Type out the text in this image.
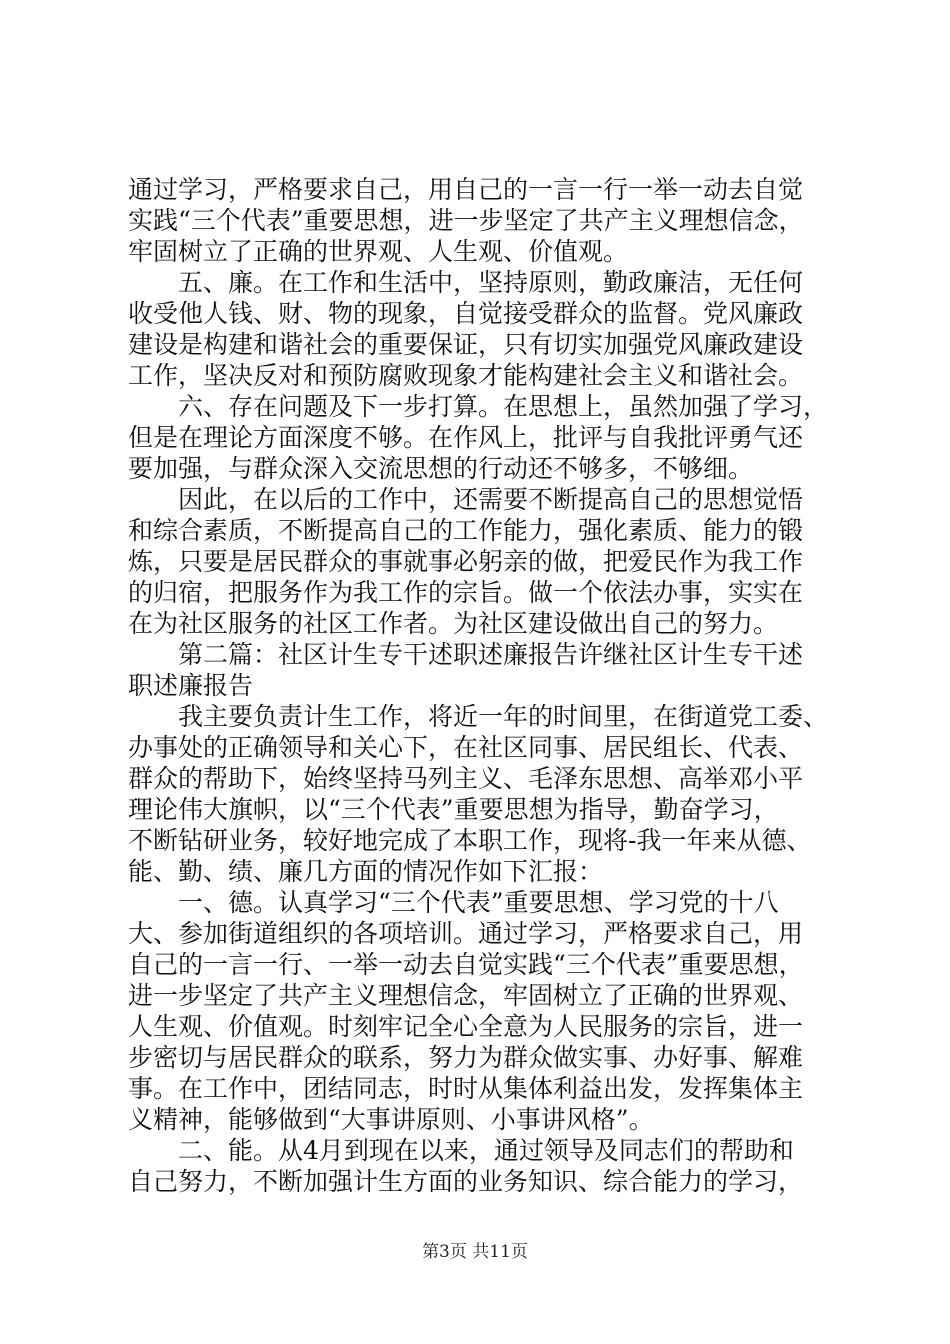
通过学习，严格要求自己，用自己的一言一行一举一动去自觉
实践“三个代表”重要思想，进一步坚定了共产主义理想信念，
牢固树立了正确的世界观、人生观、价值观。
　　五、廉。在工作和生活中，坚持原则，勤政廉洁，无任何
收受他人钱、财、物的现象，自觉接受群众的监督。党风廉政
建设是构建和谐社会的重要保证，只有切实加强党风廉政建设
工作，坚决反对和预防腐败现象才能构建社会主义和谐社会。
　　六、存在问题及下一步打算。在思想上，虽然加强了学习，
但是在理论方面深度不够。在作风上，批评与自我批评勇气还
要加强，与群众深入交流思想的行动还不够多，不够细。
　　因此，在以后的工作中，还需要不断提高自己的思想觉悟
和综合素质，不断提高自己的工作能力，强化素质、能力的锻
炼，只要是居民群众的事就事必躬亲的做，把爱民作为我工作
的归宿，把服务作为我工作的宗旨。做一个依法办事，实实在
在为社区服务的社区工作者。为社区建设做出自己的努力。
　　第二篇：社区计生专干述职述廉报告许继社区计生专干述
职述廉报告
　　我主要负责计生工作，将近一年的时间里，在街道党工委、
办事处的正确领导和关心下，在社区同事、居民组长、代表、
群众的帮助下，始终坚持马列主义、毛泽东思想、高举邓小平
理论伟大旗帜，以“三个代表”重要思想为指导，勤奋学习，
不断钻研业务，较好地完成了本职工作，现将-我一年来从德、
能、勤、绩、廉几方面的情况作如下汇报：
　　一、德。认真学习“三个代表”重要思想、学习党的十八
大、参加街道组织的各项培训。通过学习，严格要求自己，用
自己的一言一行、一举一动去自觉实践“三个代表”重要思想，
进一步坚定了共产主义理想信念，牢固树立了正确的世界观、
人生观、价值观。时刻牢记全心全意为人民服务的宗旨，进一
步密切与居民群众的联系，努力为群众做实事、办好事、解难
事。在工作中，团结同志，时时从集体利益出发，发挥集体主
义精神，能够做到“大事讲原则、小事讲风格”。
　　二、能。从4月到现在以来，通过领导及同志们的帮助和
自己努力，不断加强计生方面的业务知识、综合能力的学习，
第3页 共11页
